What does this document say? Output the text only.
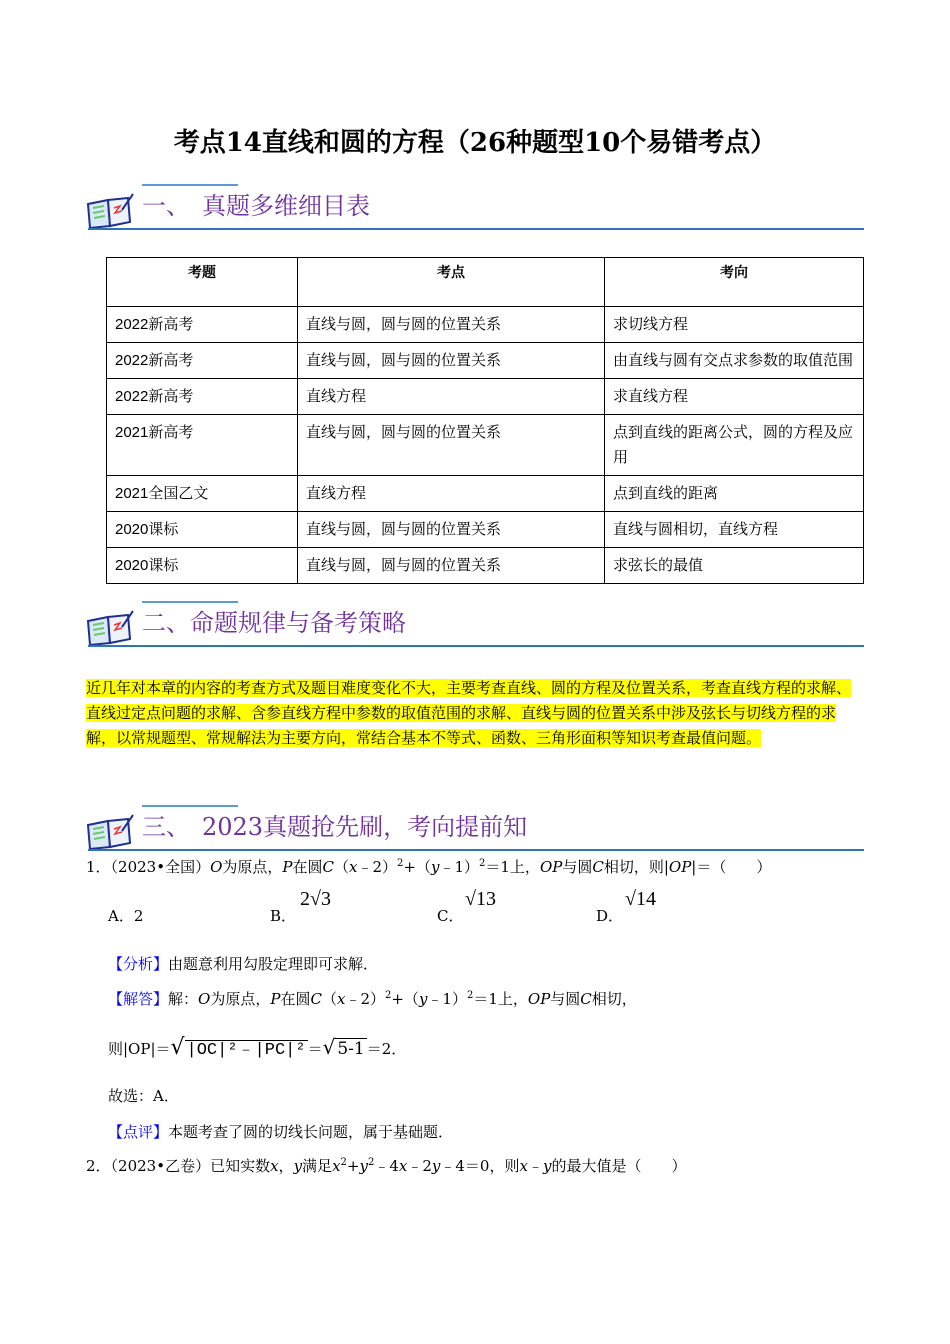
考点14直线和圆的方程（26种题型10个易错考点）
一、　真题多维细目表
考题	考点	考向
2022新高考	直线与圆，圆与圆的位置关系	求切线方程
2022新高考	直线与圆，圆与圆的位置关系	由直线与圆有交点求参数的取值范围
2022新高考	直线方程	求直线方程
2021新高考	直线与圆，圆与圆的位置关系	点到直线的距离公式，圆的方程及应用
2021全国乙文	直线方程	点到直线的距离
2020课标	直线与圆，圆与圆的位置关系	直线与圆相切，直线方程
2020课标	直线与圆，圆与圆的位置关系	求弦长的最值
二、命题规律与备考策略
近几年对本章的内容的考查方式及题目难度变化不大，主要考查直线、圆的方程及位置关系，考查直线方程的求解、直线过定点问题的求解、含参直线方程中参数的取值范围的求解、直线与圆的位置关系中涉及弦长与切线方程的求解，以常规题型、常规解法为主要方向，常结合基本不等式、函数、三角形面积等知识考查最值问题。
三、　2023真题抢先刷，考向提前知
1．（2023•全国）O为原点，P在圆C（x﹣2）$^2$+（y﹣1）$^2$＝1上，OP与圆C相切，则|OP|＝（　　）
A．2	B．
2√3
C．
√13
D．
√14
【分析】由题意利用勾股定理即可求解．
【解答】解：O为原点，P在圆C（x﹣2）$^2$+（y﹣1）$^2$＝1上，OP与圆C相切，
则|OP|＝√ |OC|²﹣|PC|² ＝√ 5-1 ＝2．
故选：A．
【点评】本题考查了圆的切线长问题，属于基础题．
2．（2023•乙卷）已知实数x，y满足$x^2+y^2﹣4x﹣2y﹣4=0$，则x﹣y的最大值是（　　）
